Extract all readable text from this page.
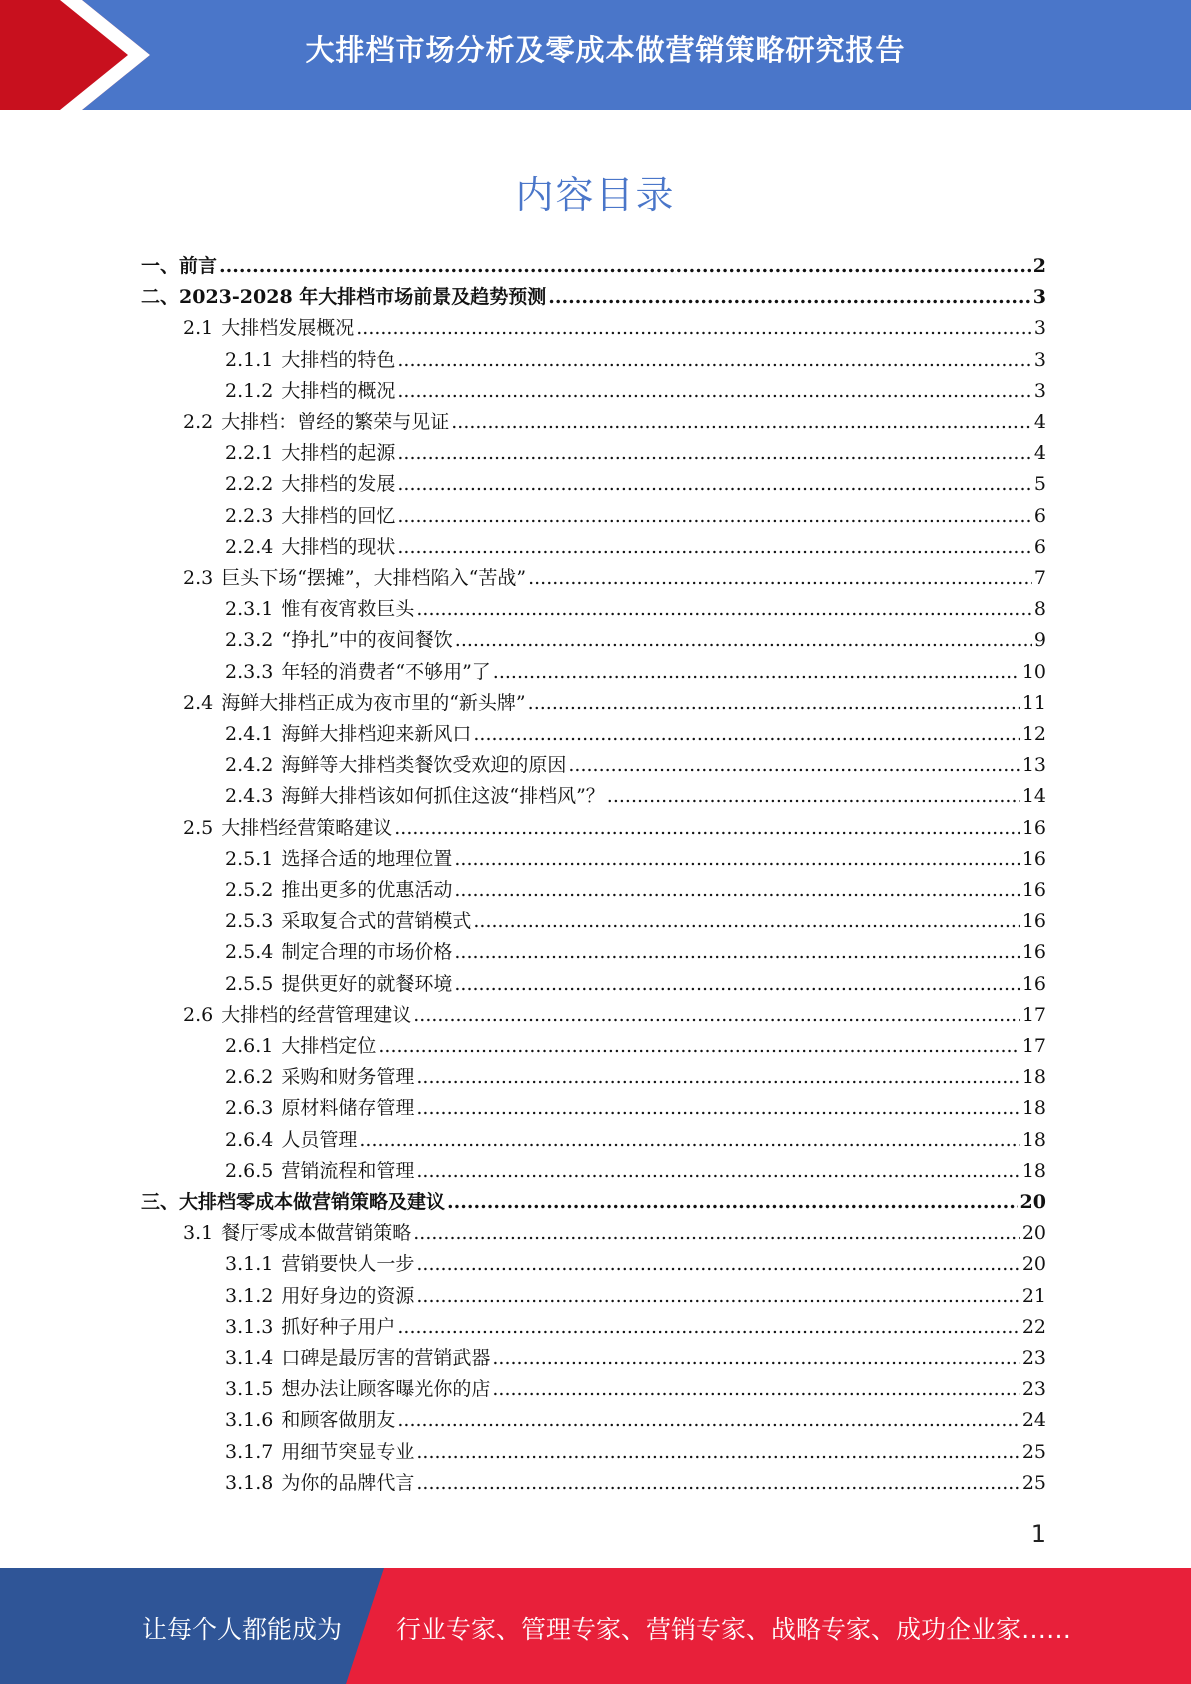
大排档市场分析及零成本做营销策略研究报告
内容目录
一、 前言 .....	2
二、 2023-2028 年大排档市场前景及趋势预测 .....	3
2.1 大排档发展概况 .....	3
2.1.1 大排档的特色 .....	3
2.1.2 大排档的概况 .....	3
2.2 大排档：曾经的繁荣与见证 .....	4
2.2.1 大排档的起源 .....	4
2.2.2 大排档的发展 .....	5
2.2.3 大排档的回忆 .....	6
2.2.4 大排档的现状 .....	6
2.3 巨头下场“摆摊”，大排档陷入“苦战” .....	7
2.3.1 惟有夜宵救巨头 .....	8
2.3.2 “挣扎”中的夜间餐饮 .....	9
2.3.3 年轻的消费者“不够用”了 .....	10
2.4 海鲜大排档正成为夜市里的“新头牌” .....	11
2.4.1 海鲜大排档迎来新风口 .....	12
2.4.2 海鲜等大排档类餐饮受欢迎的原因 .....	13
2.4.3 海鲜大排档该如何抓住这波“排档风”？ .....	14
2.5 大排档经营策略建议 .....	16
2.5.1 选择合适的地理位置 .....	16
2.5.2 推出更多的优惠活动 .....	16
2.5.3 采取复合式的营销模式 .....	16
2.5.4 制定合理的市场价格 .....	16
2.5.5 提供更好的就餐环境 .....	16
2.6 大排档的经营管理建议 .....	17
2.6.1 大排档定位 .....	17
2.6.2 采购和财务管理 .....	18
2.6.3 原材料储存管理 .....	18
2.6.4 人员管理 .....	18
2.6.5 营销流程和管理 .....	18
三、 大排档零成本做营销策略及建议 .....	20
3.1 餐厅零成本做营销策略 .....	20
3.1.1 营销要快人一步 .....	20
3.1.2 用好身边的资源 .....	21
3.1.3 抓好种子用户 .....	22
3.1.4 口碑是最厉害的营销武器 .....	23
3.1.5 想办法让顾客曝光你的店 .....	23
3.1.6 和顾客做朋友 .....	24
3.1.7 用细节突显专业 .....	25
3.1.8 为你的品牌代言 .....	25
1
让每个人都能成为 行业专家、管理专家、营销专家、战略专家、成功企业家……
